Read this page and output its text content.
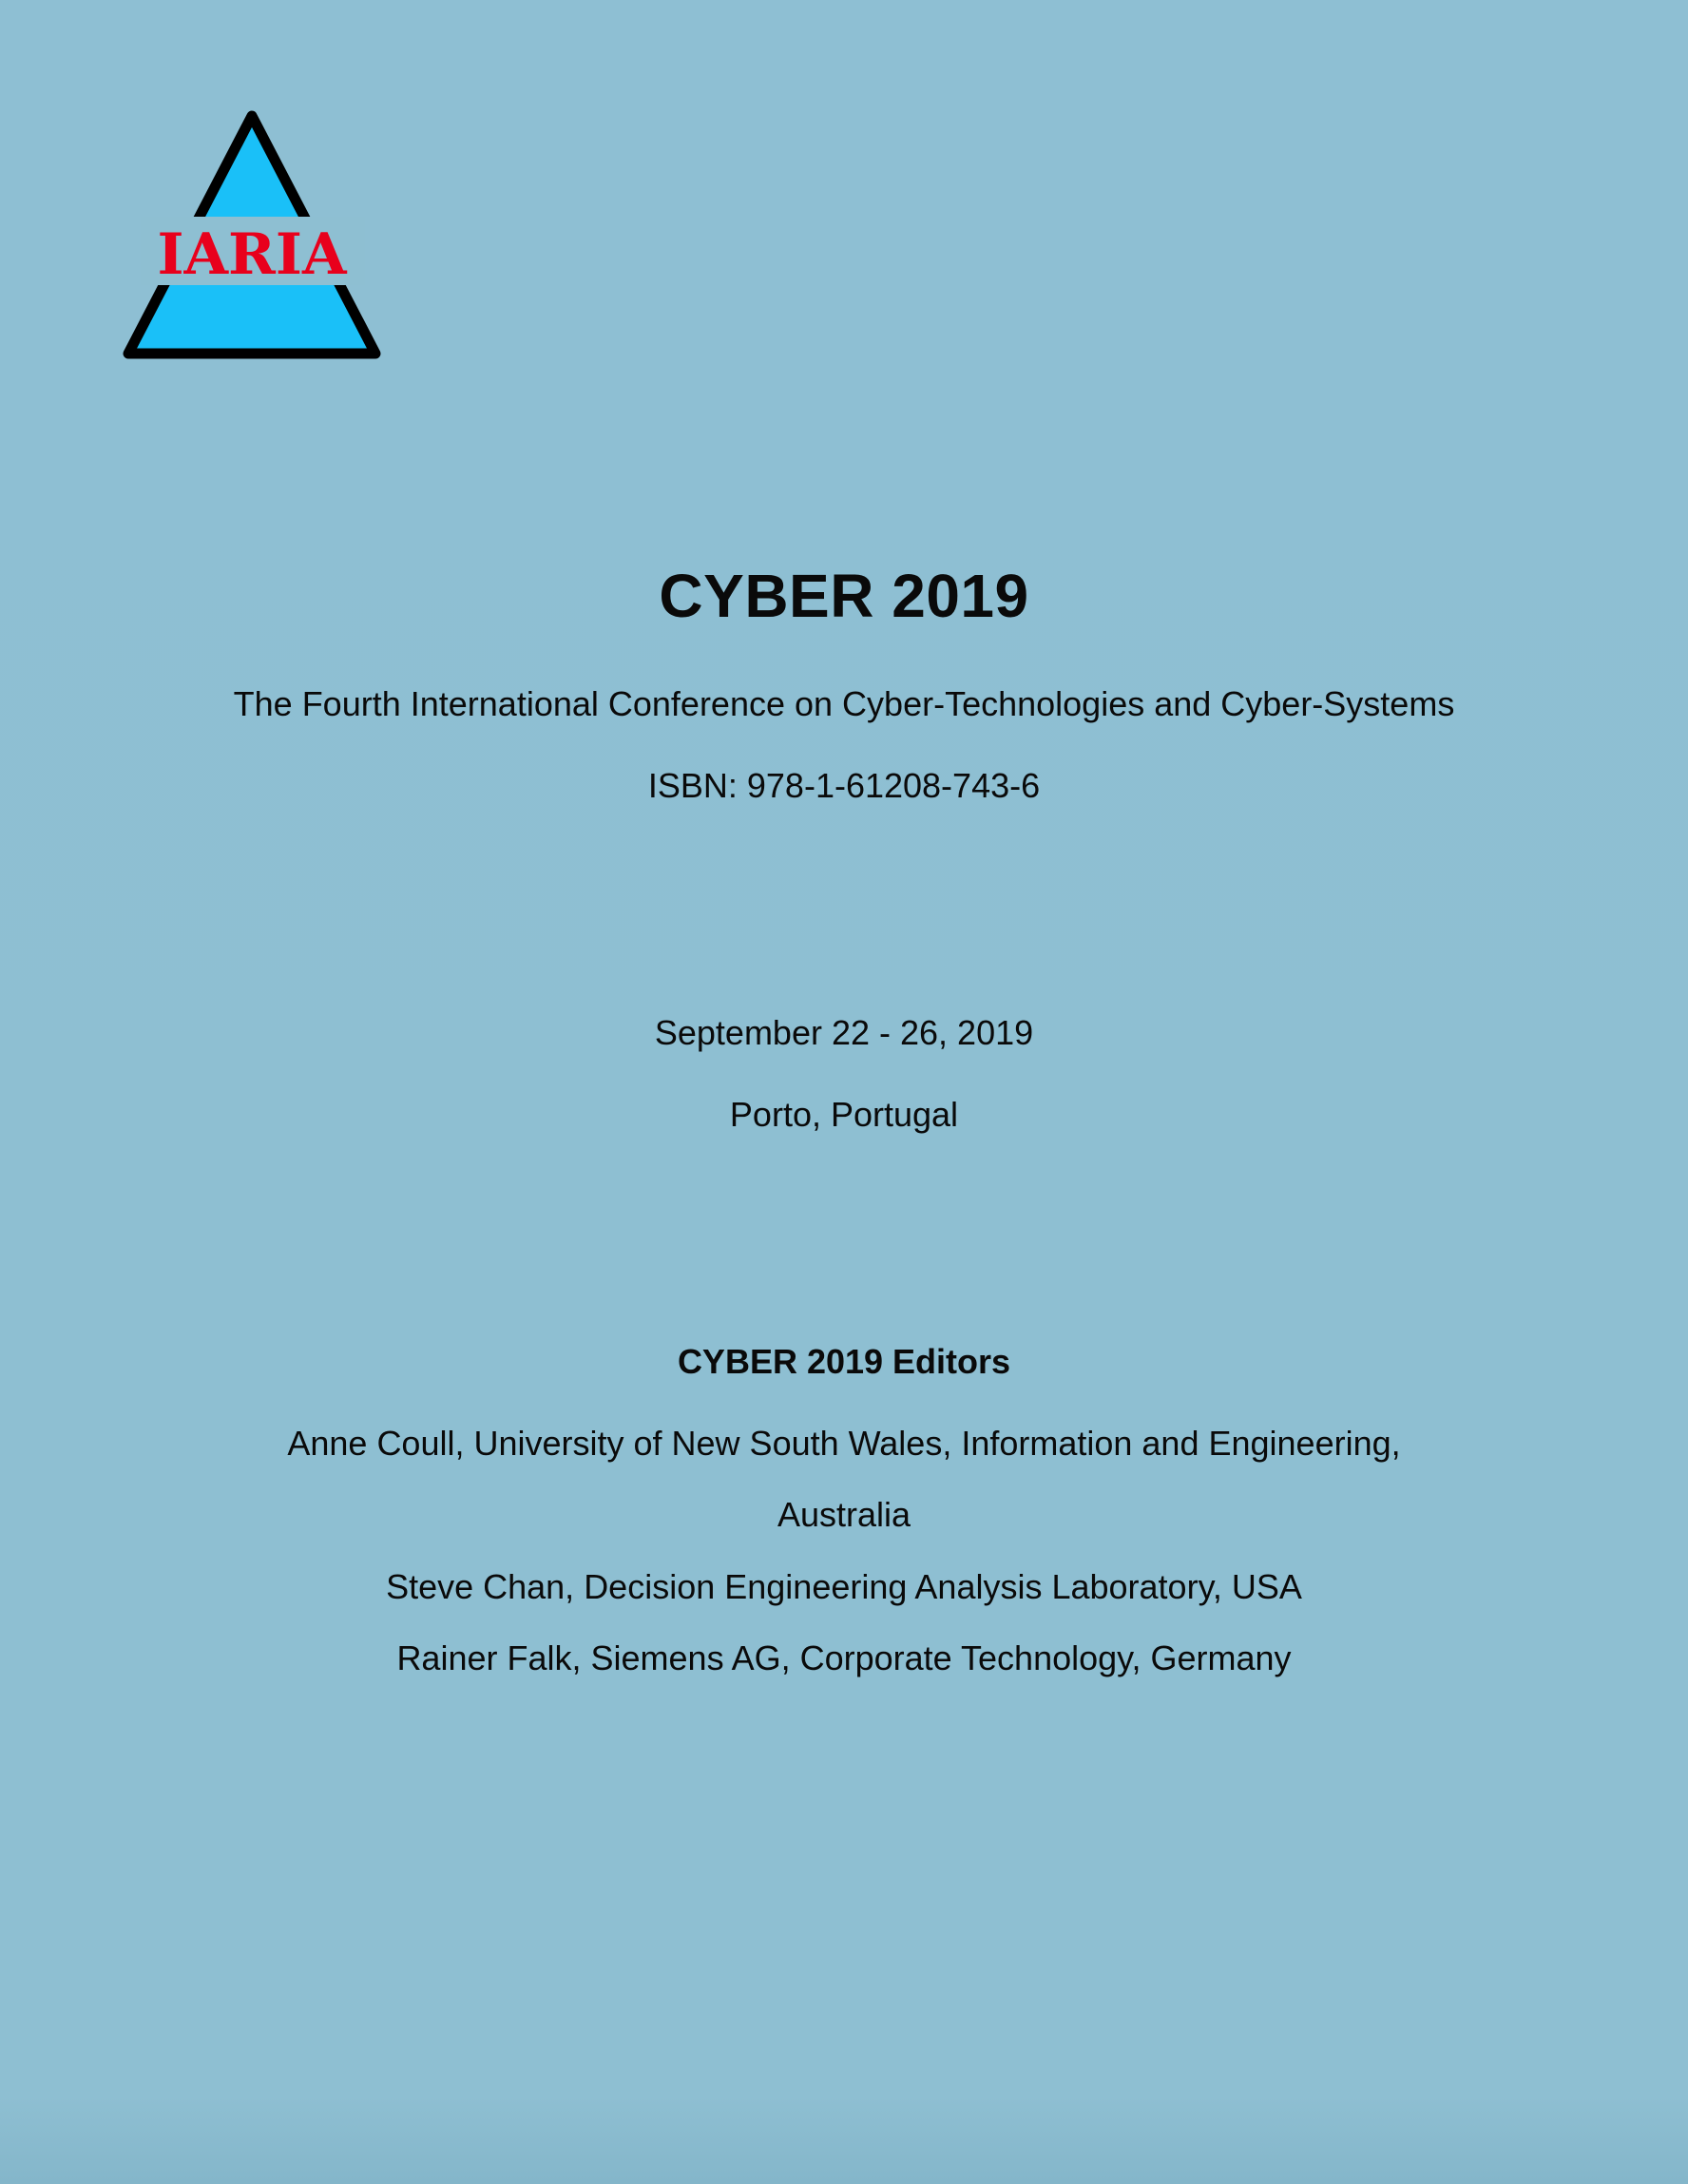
IARIA
CYBER 2019
The Fourth International Conference on Cyber-Technologies and Cyber-Systems
ISBN: 978-1-61208-743-6
September 22 - 26, 2019
Porto, Portugal
CYBER 2019 Editors
Anne Coull, University of New South Wales, Information and Engineering,
Australia
Steve Chan, Decision Engineering Analysis Laboratory, USA
Rainer Falk, Siemens AG, Corporate Technology, Germany
